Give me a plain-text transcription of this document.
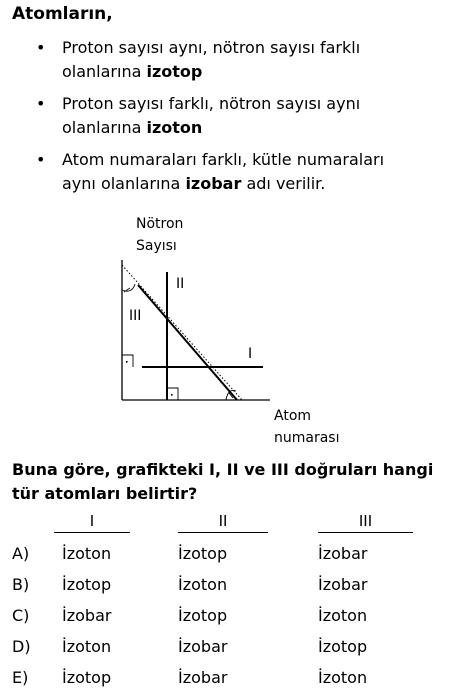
Atomların,
• Proton sayısı aynı, nötron sayısı farklı
olanlarına izotop
• Proton sayısı farklı, nötron sayısı aynı
olanlarına izoton
• Atom numaraları farklı, kütle numaraları
aynı olanlarına izobar adı verilir.
Nötron
Sayısı
II
III
I
Atom
numarası
Buna göre, grafikteki I, II ve III doğruları hangi
tür atomları belirtir?
I	II	III
A) İzoton	İzotop	İzobar
B) İzotop	İzoton	İzobar
C) İzobar	İzotop	İzoton
D) İzoton	İzobar	İzotop
E) İzotop	İzobar	İzoton
